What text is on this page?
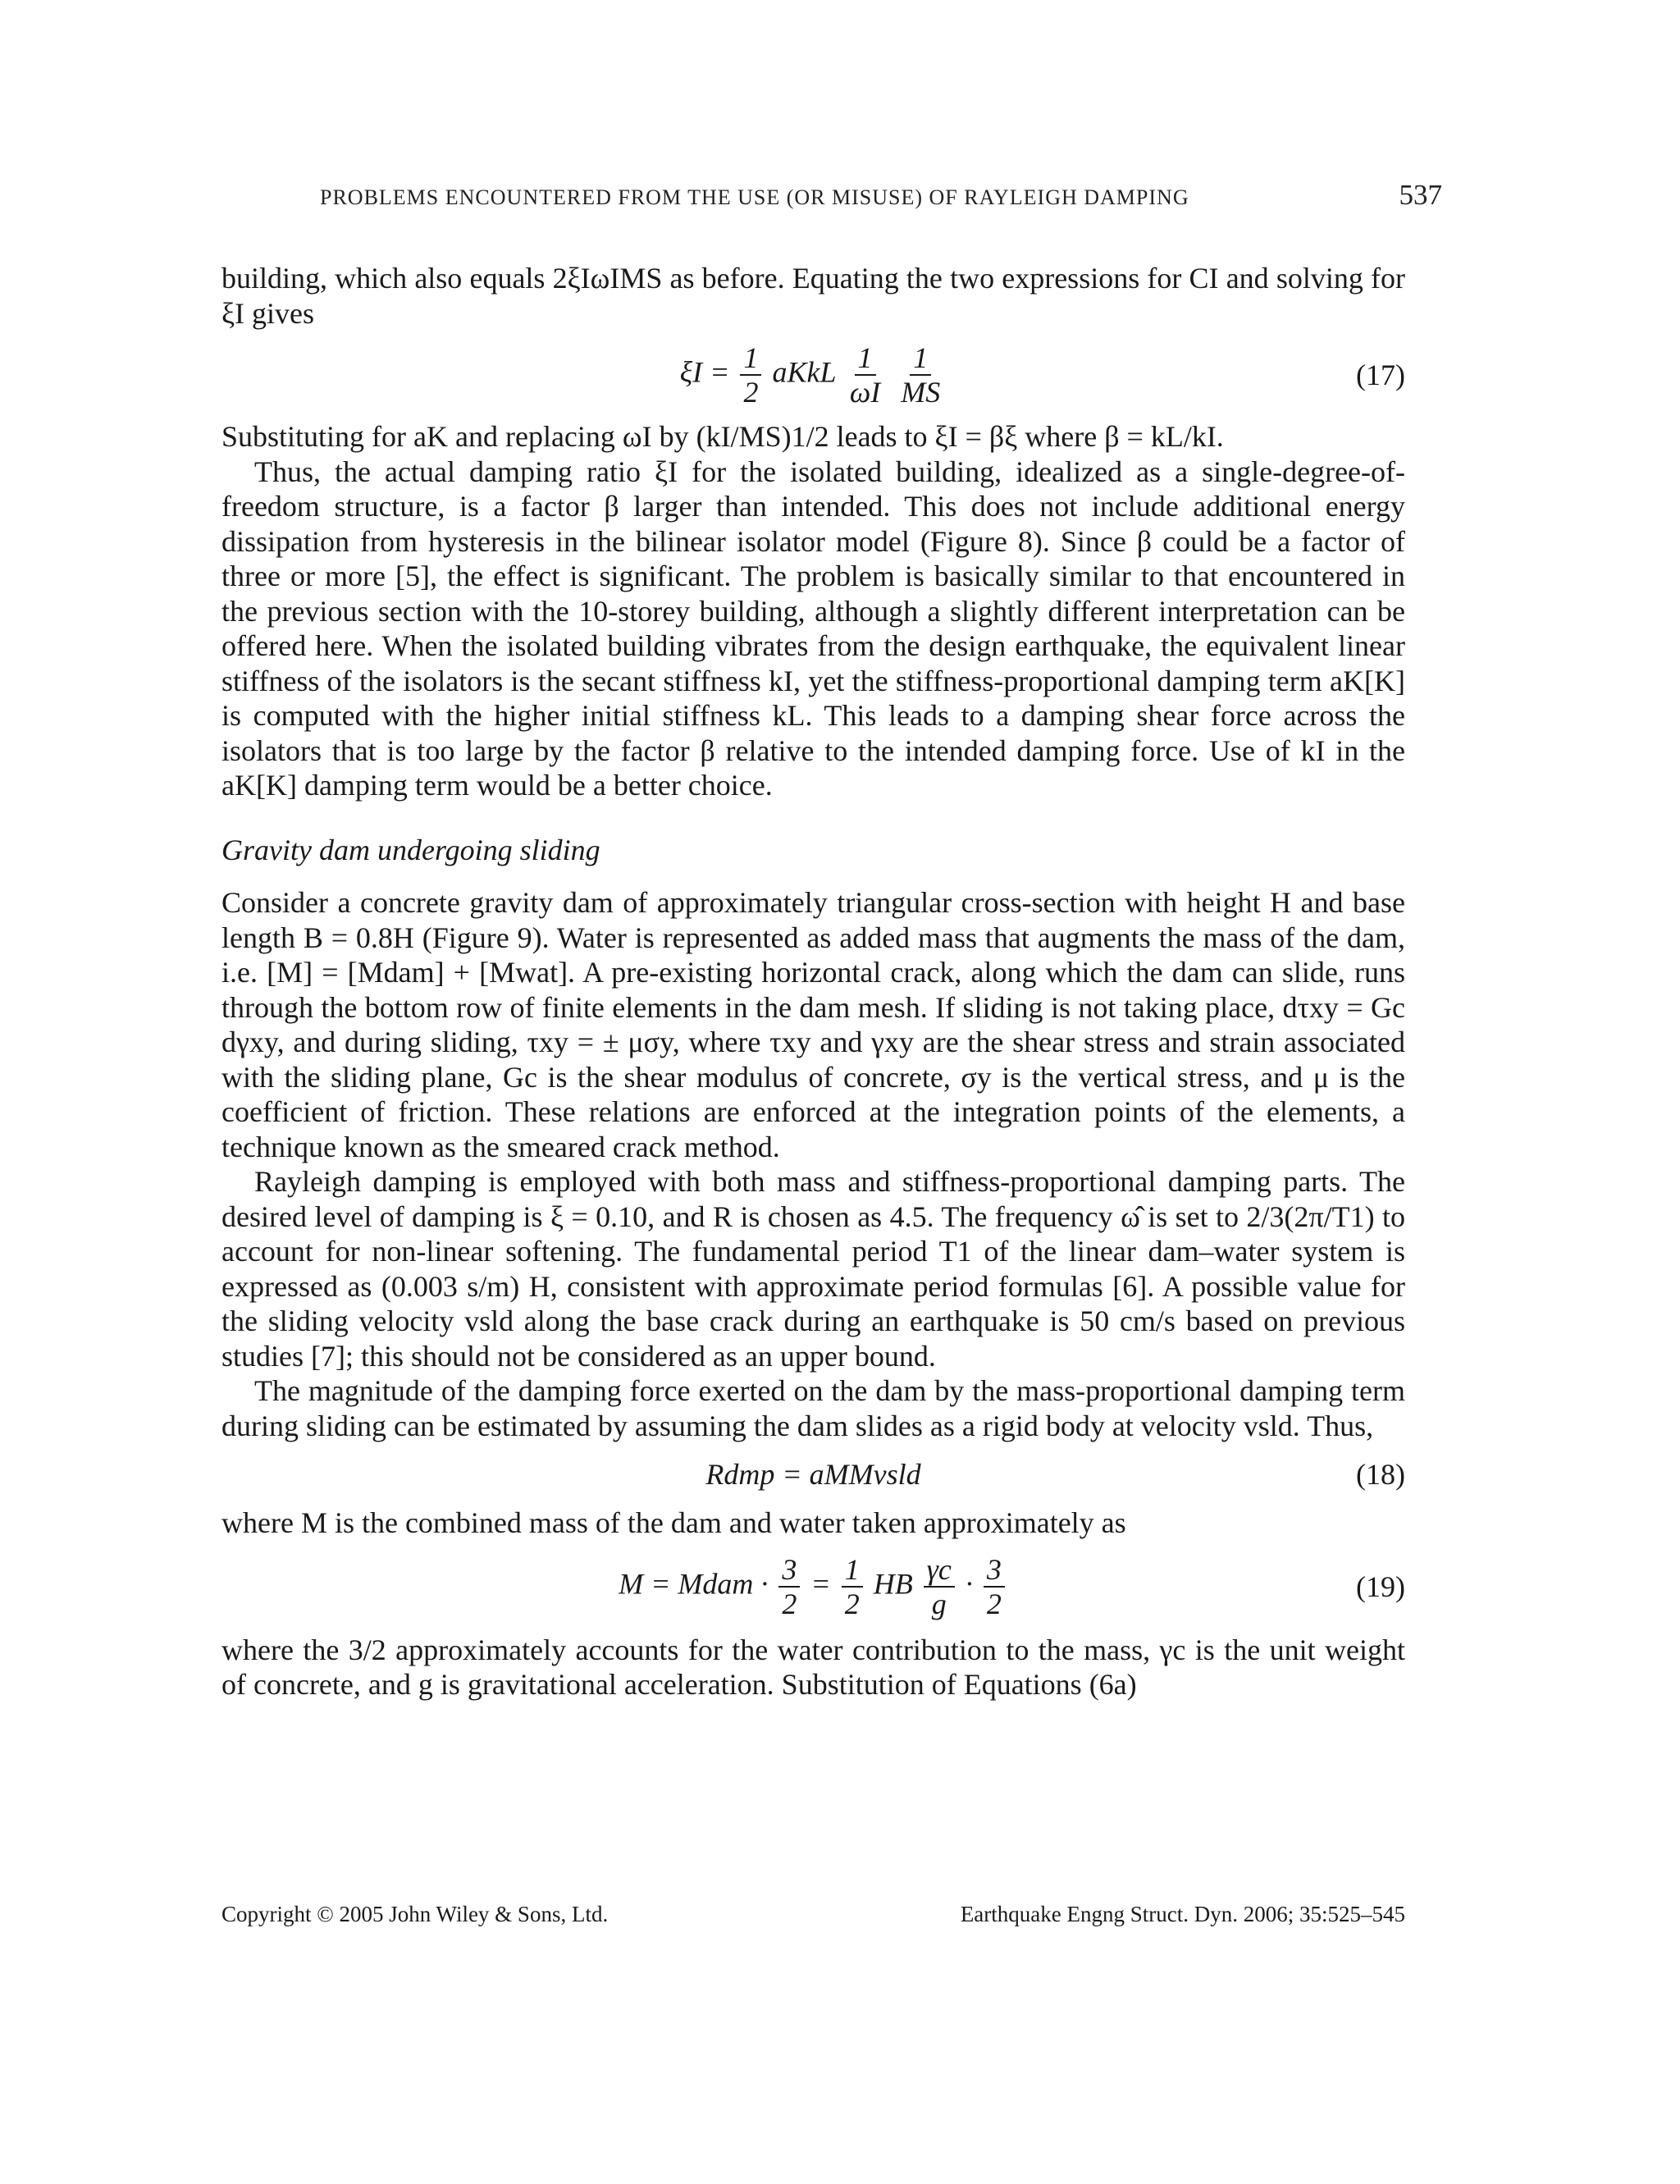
PROBLEMS ENCOUNTERED FROM THE USE (OR MISUSE) OF RAYLEIGH DAMPING	537

building, which also equals 2ξIωIMS as before. Equating the two expressions for CI and solving for ξI gives

$\xi I = \frac{1}{2}$ aKkL $\frac{1}{\omega I}$
$\frac{1}{MS}$	(17)

Substituting for aK and replacing ωI by (kI/MS)1/2 leads to ξI = βξ where β = kL/kI.

Thus, the actual damping ratio ξI for the isolated building, idealized as a single-degree-of-freedom structure, is a factor β larger than intended. This does not include additional energy dissipation from hysteresis in the bilinear isolator model (Figure 8). Since β could be a factor of three or more [5], the effect is significant. The problem is basically similar to that encountered in the previous section with the 10-storey building, although a slightly different interpretation can be offered here. When the isolated building vibrates from the design earthquake, the equivalent linear stiffness of the isolators is the secant stiffness kI, yet the stiffness-proportional damping term aK[K] is computed with the higher initial stiffness kL. This leads to a damping shear force across the isolators that is too large by the factor β relative to the intended damping force. Use of kI in the aK[K] damping term would be a better choice.

Gravity dam undergoing sliding

Consider a concrete gravity dam of approximately triangular cross-section with height H and base length B = 0.8H (Figure 9). Water is represented as added mass that augments the mass of the dam, i.e. [M] = [Mdam] + [Mwat]. A pre-existing horizontal crack, along which the dam can slide, runs through the bottom row of finite elements in the dam mesh. If sliding is not taking place, dτxy = Gc dγxy, and during sliding, τxy = ± μσy, where τxy and γxy are the shear stress and strain associated with the sliding plane, Gc is the shear modulus of concrete, σy is the vertical stress, and μ is the coefficient of friction. These relations are enforced at the integration points of the elements, a technique known as the smeared crack method.

Rayleigh damping is employed with both mass and stiffness-proportional damping parts. The desired level of damping is ξ = 0.10, and R is chosen as 4.5. The frequency ω̂ is set to 2/3(2π/T1) to account for non-linear softening. The fundamental period T1 of the linear dam–water system is expressed as (0.003 s/m) H, consistent with approximate period formulas [6]. A possible value for the sliding velocity vsld along the base crack during an earthquake is 50 cm/s based on previous studies [7]; this should not be considered as an upper bound.

The magnitude of the damping force exerted on the dam by the mass-proportional damping term during sliding can be estimated by assuming the dam slides as a rigid body at velocity vsld. Thus,

Rdmp = aMMvsld	(18)

where M is the combined mass of the dam and water taken approximately as

M = Mdam · $\frac{3}{2} = \frac{1}{2}$ HB $\frac{\gamma c}{g} \cdot \frac{3}{2}$	(19)

where the 3/2 approximately accounts for the water contribution to the mass, γc is the unit weight of concrete, and g is gravitational acceleration. Substitution of Equations (6a)

Copyright © 2005 John Wiley & Sons, Ltd.	Earthquake Engng Struct. Dyn. 2006; 35:525–545
